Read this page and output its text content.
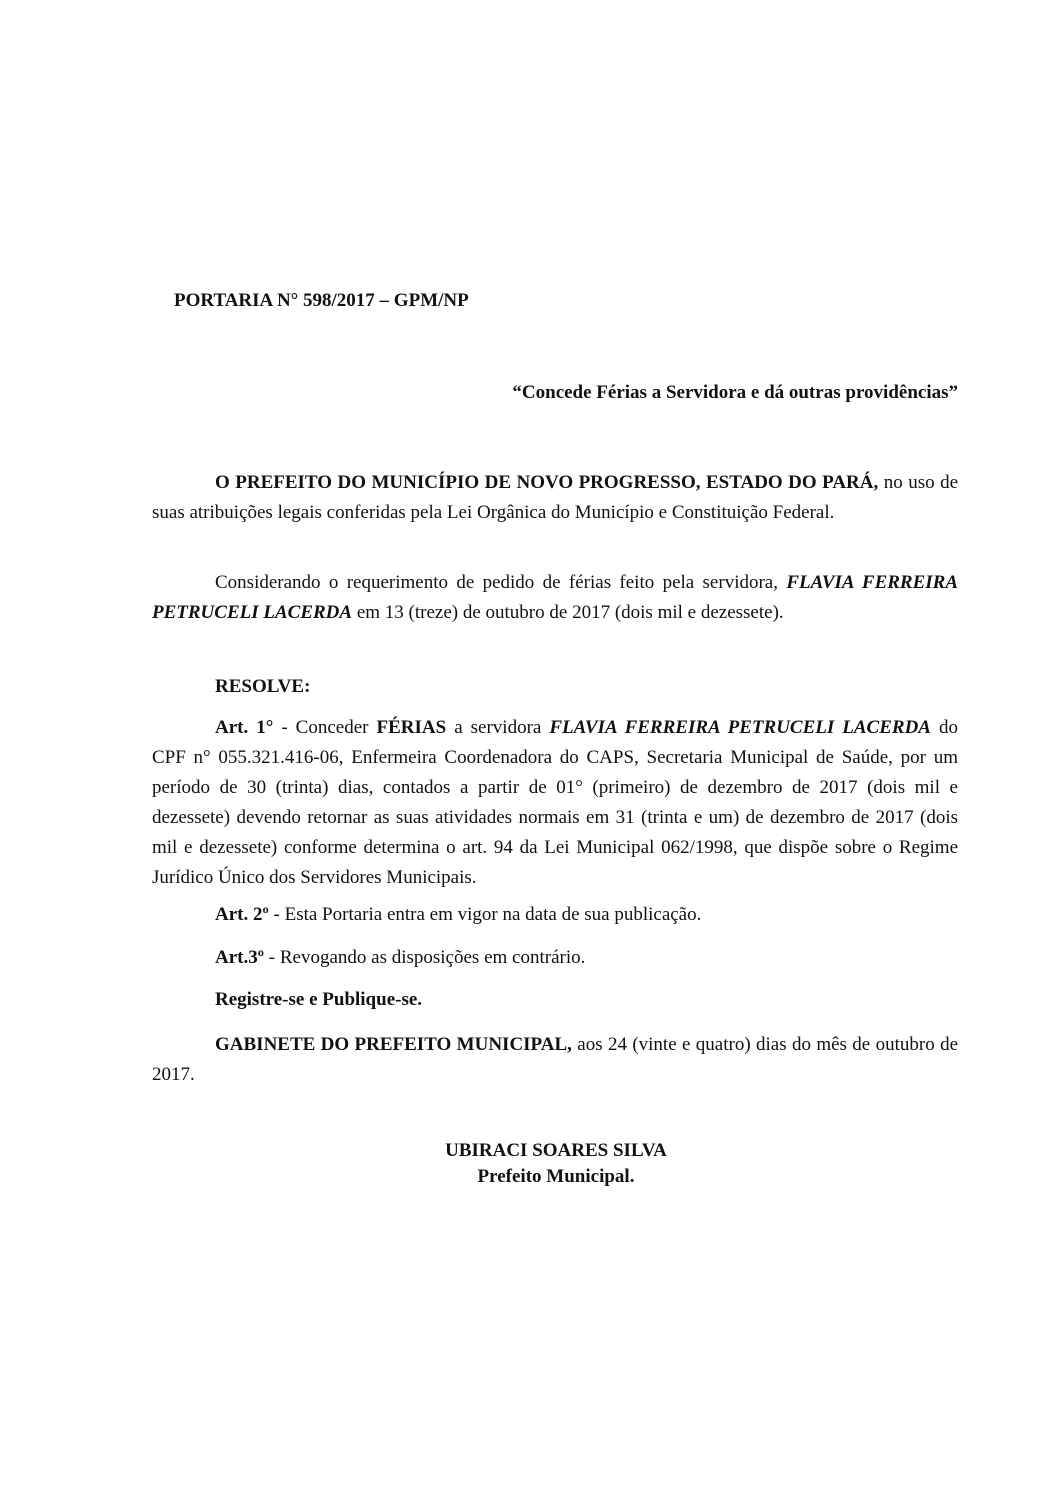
PORTARIA N° 598/2017 – GPM/NP
“Concede Férias a Servidora e dá outras providências”
O PREFEITO DO MUNICÍPIO DE NOVO PROGRESSO, ESTADO DO PARÁ, no uso de suas atribuições legais conferidas pela Lei Orgânica do Município e Constituição Federal.
Considerando o requerimento de pedido de férias feito pela servidora, FLAVIA FERREIRA PETRUCELI LACERDA em 13 (treze) de outubro de 2017 (dois mil e dezessete).
RESOLVE:
Art. 1° - Conceder FÉRIAS a servidora FLAVIA FERREIRA PETRUCELI LACERDA do CPF n° 055.321.416-06, Enfermeira Coordenadora do CAPS, Secretaria Municipal de Saúde, por um período de 30 (trinta) dias, contados a partir de 01° (primeiro) de dezembro de 2017 (dois mil e dezessete) devendo retornar as suas atividades normais em 31 (trinta e um) de dezembro de 2017 (dois mil e dezessete) conforme determina o art. 94 da Lei Municipal 062/1998, que dispõe sobre o Regime Jurídico Único dos Servidores Municipais.
Art. 2º - Esta Portaria entra em vigor na data de sua publicação.
Art.3º - Revogando as disposições em contrário.
Registre-se e Publique-se.
GABINETE DO PREFEITO MUNICIPAL, aos 24 (vinte e quatro) dias do mês de outubro de 2017.
UBIRACI SOARES SILVA
Prefeito Municipal.
